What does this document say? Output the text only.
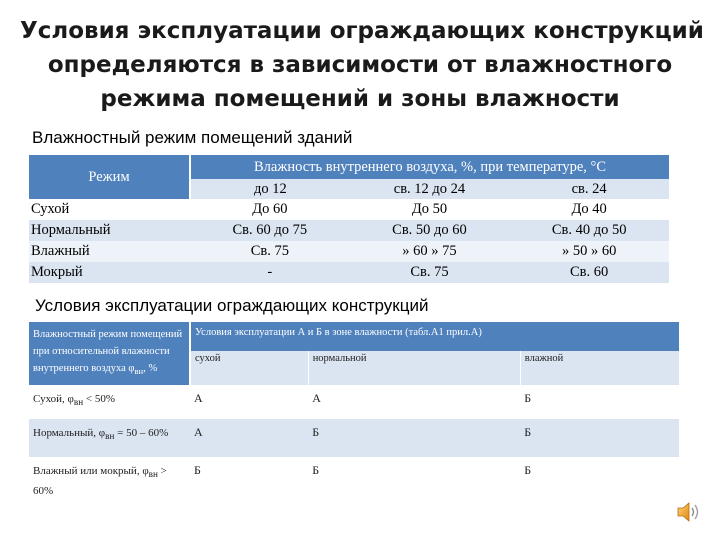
Условия эксплуатации ограждающих конструкций
определяются в зависимости от влажностного
режима помещений и зоны влажности
Влажностный режим помещений зданий
Режим	Влажность внутреннего воздуха, %, при температуре, °С		
	до 12	св. 12 до 24	св. 24
Сухой	До 60	До 50	До 40
Нормальный	Св. 60 до 75	Св. 50 до 60	Св. 40 до 50
Влажный	Св. 75	» 60 » 75	» 50 » 60
Мокрый	-	Св. 75	Св. 60
Условия эксплуатации ограждающих конструкций
Влажностный режим помещений при относительной влажности внутреннего воздуха $\varphi_{вн}$, %	Условия эксплуатации А и Б в зоне влажности (табл.А1 прил.А)		
	сухой	нормальной	влажной
Сухой, $\varphi_{вн} < 50\%$	А	А	Б
Нормальный, $\varphi_{вн} = 50 - 60\%$	А	Б	Б
Влажный или мокрый, $\varphi_{вн} > 60\%$	Б	Б	Б
